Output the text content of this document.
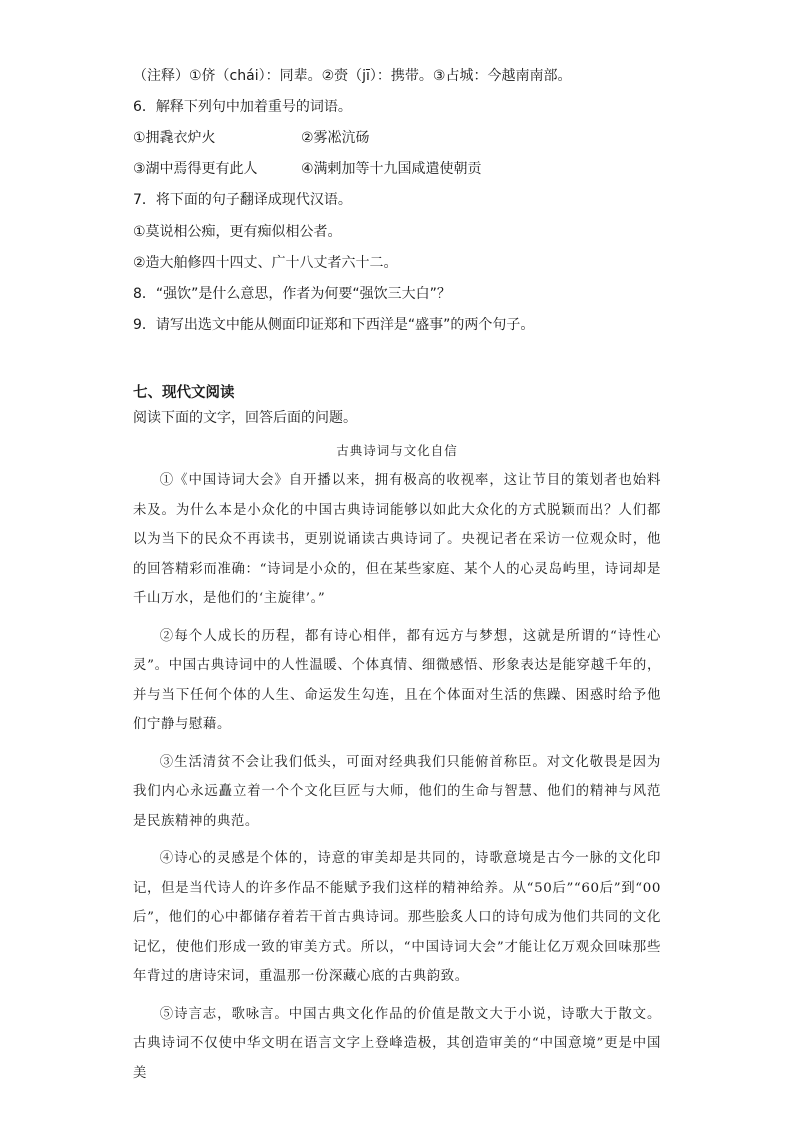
（注释）①侪（chái）：同辈。②赍（jī）：携带。③占城：今越南南部。
6．解释下列句中加着重号的词语。
①拥毳衣炉火	②雾凇沆砀
③湖中焉得更有此人	④满剌加等十九国咸遣使朝贡
7．将下面的句子翻译成现代汉语。
①莫说相公痴，更有痴似相公者。
②造大舶修四十四丈、广十八丈者六十二。
8．“强饮”是什么意思，作者为何要“强饮三大白”？
9．请写出选文中能从侧面印证郑和下西洋是“盛事”的两个句子。
七、现代文阅读
阅读下面的文字，回答后面的问题。
古典诗词与文化自信

①《中国诗词大会》自开播以来，拥有极高的收视率，这让节目的策划者也始料未及。为什么本是小众化的中国古典诗词能够以如此大众化的方式脱颖而出？人们都以为当下的民众不再读书，更别说诵读古典诗词了。央视记者在采访一位观众时，他的回答精彩而准确：“诗词是小众的，但在某些家庭、某个人的心灵岛屿里，诗词却是千山万水，是他们的‘主旋律’。”

②每个人成长的历程，都有诗心相伴，都有远方与梦想，这就是所谓的“诗性心灵”。中国古典诗词中的人性温暖、个体真情、细微感悟、形象表达是能穿越千年的，并与当下任何个体的人生、命运发生勾连，且在个体面对生活的焦躁、困惑时给予他们宁静与慰藉。

③生活清贫不会让我们低头，可面对经典我们只能俯首称臣。对文化敬畏是因为我们内心永远矗立着一个个文化巨匠与大师，他们的生命与智慧、他们的精神与风范是民族精神的典范。

④诗心的灵感是个体的，诗意的审美却是共同的，诗歌意境是古今一脉的文化印记，但是当代诗人的许多作品不能赋予我们这样的精神给养。从“50后”“60后”到“00后”，他们的心中都储存着若干首古典诗词。那些脍炙人口的诗句成为他们共同的文化记忆，使他们形成一致的审美方式。所以，“中国诗词大会”才能让亿万观众回味那些年背过的唐诗宋词，重温那一份深藏心底的古典韵致。

⑤诗言志，歌咏言。中国古典文化作品的价值是散文大于小说，诗歌大于散文。古典诗词不仅使中华文明在语言文字上登峰造极，其创造审美的“中国意境”更是中国美
